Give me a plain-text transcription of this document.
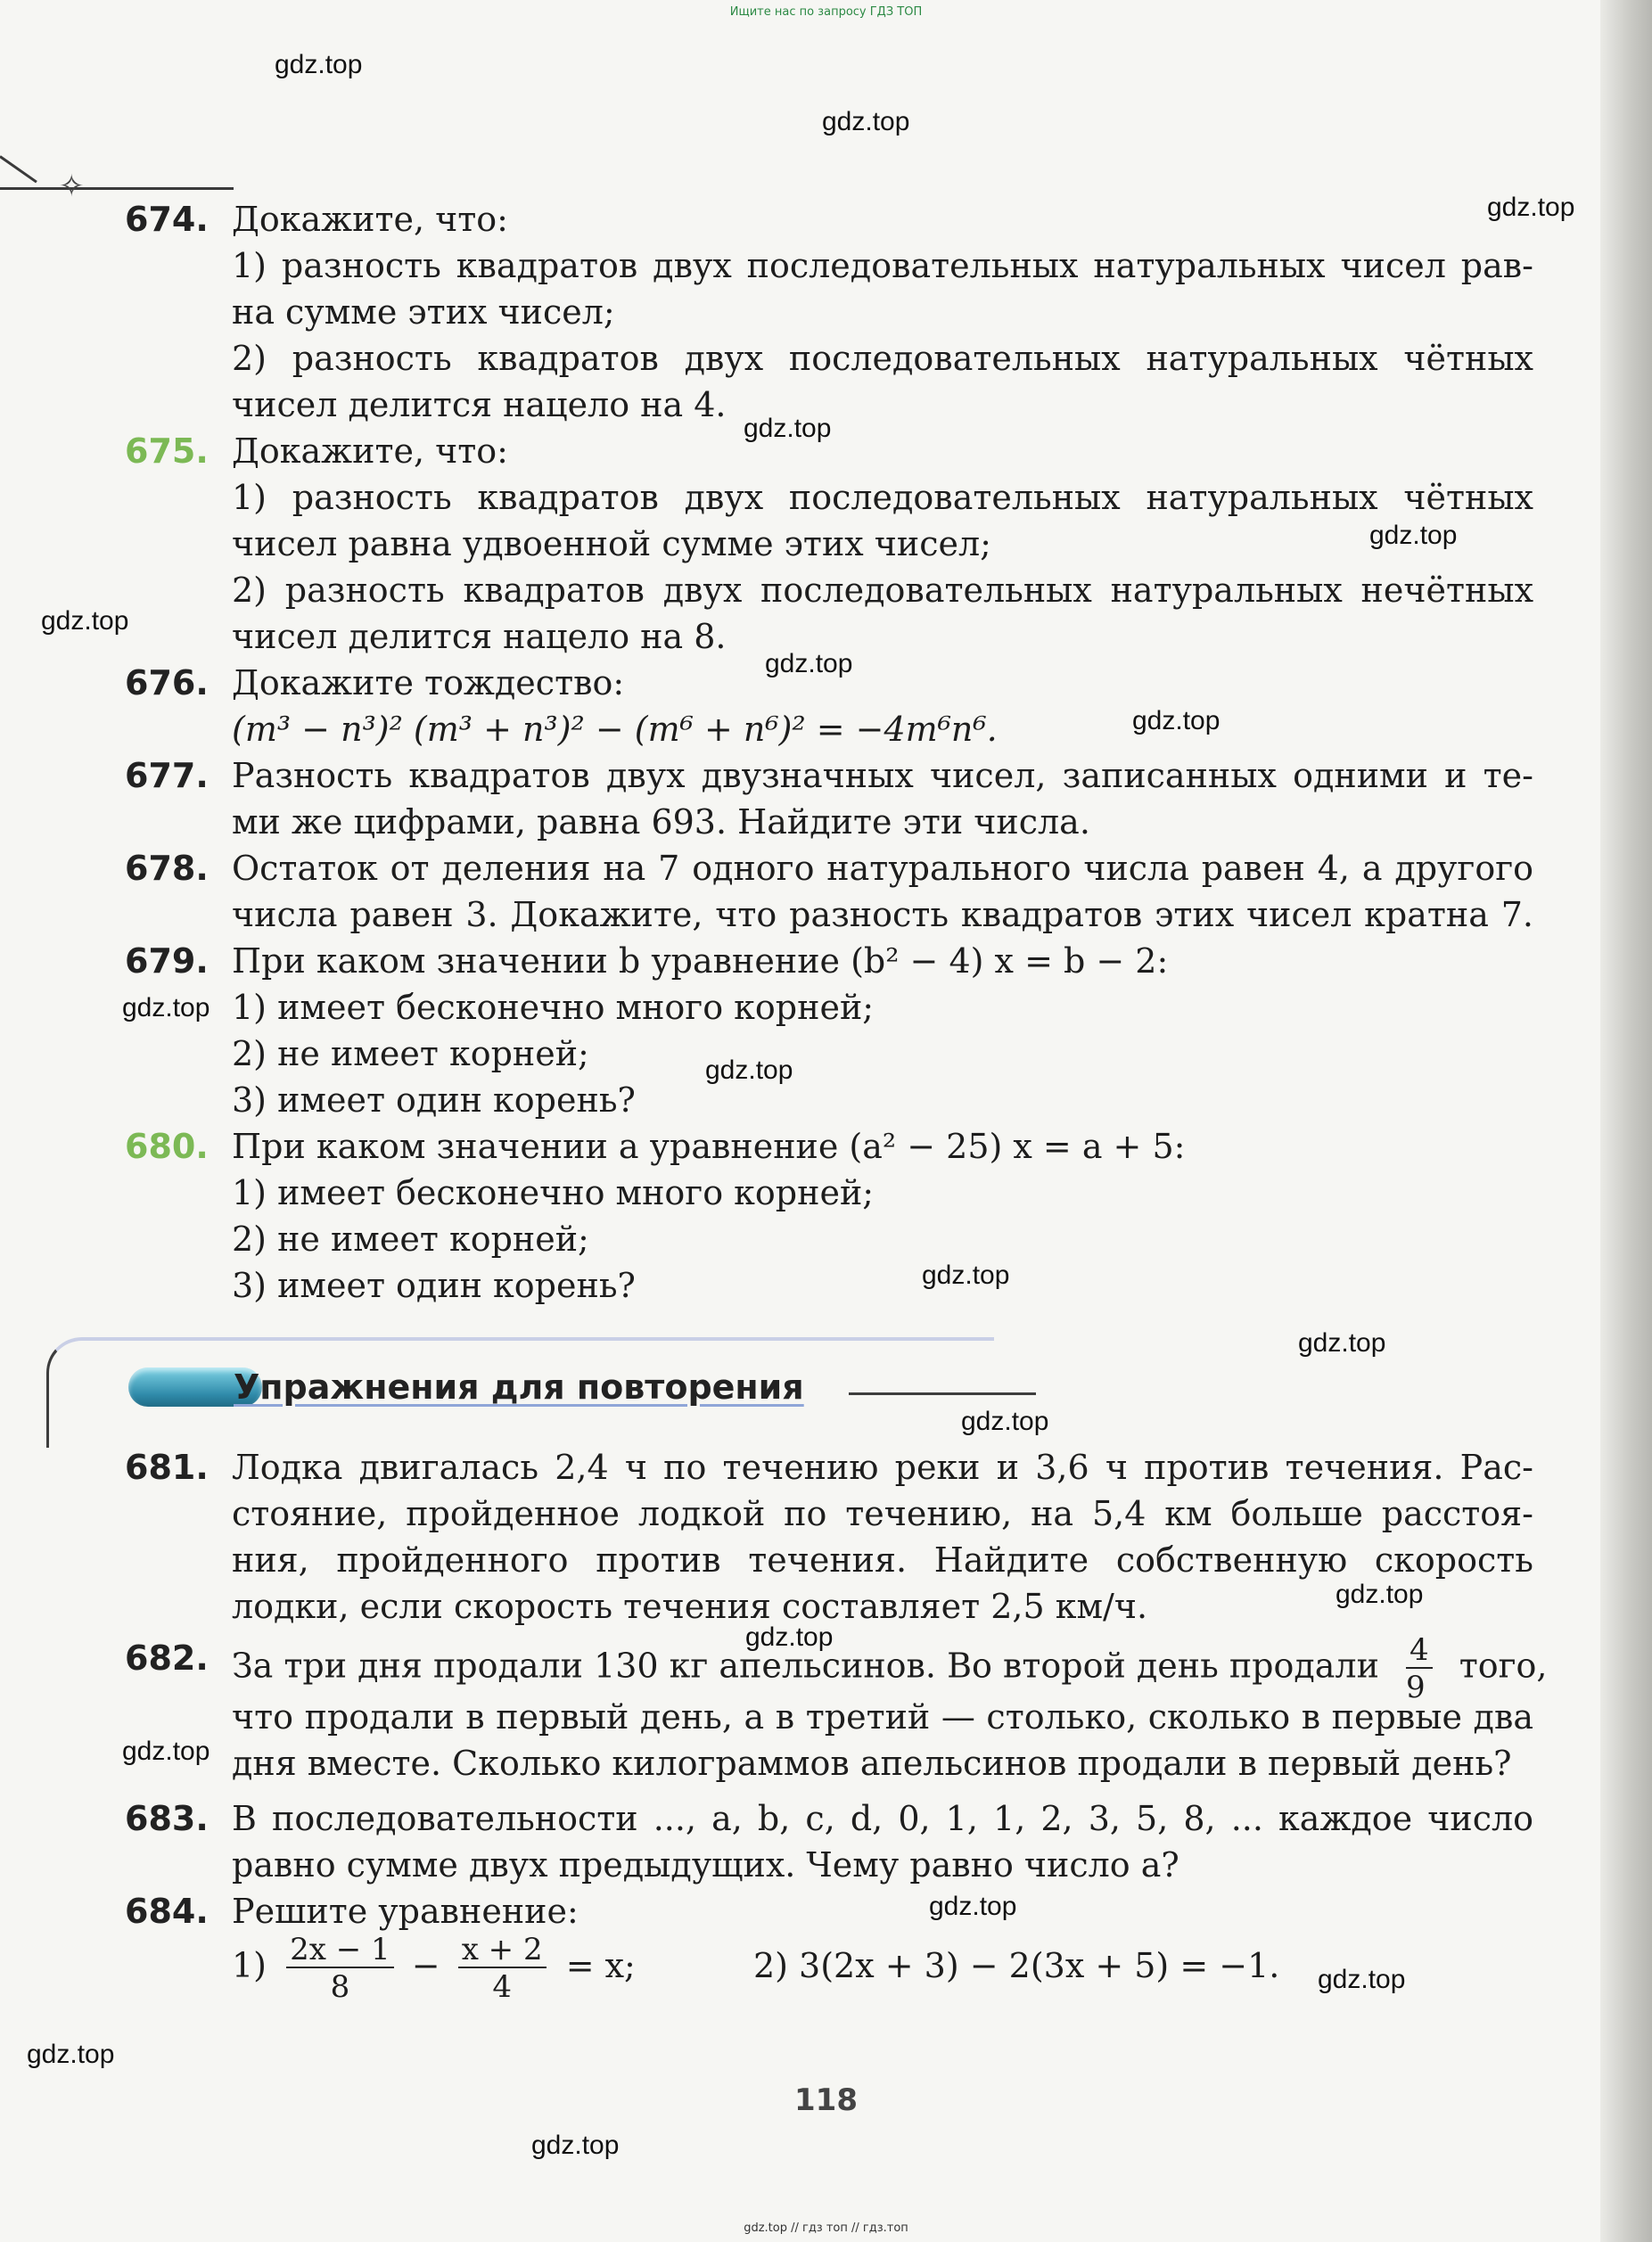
Ищите нас по запросу ГДЗ ТОП
gdz.top
gdz.top
gdz.top
gdz.top
gdz.top
gdz.top
gdz.top
gdz.top
gdz.top
gdz.top
gdz.top
gdz.top
gdz.top
gdz.top
gdz.top
gdz.top
gdz.top
gdz.top
gdz.top
gdz.top
✧
674. Докажите, что:
1) разность квадратов двух последовательных натуральных чисел рав-
на сумме этих чисел;
2) разность квадратов двух последовательных натуральных чётных
чисел делится нацело на 4.
675. Докажите, что:
1) разность квадратов двух последовательных натуральных чётных
чисел равна удвоенной сумме этих чисел;
2) разность квадратов двух последовательных натуральных нечётных
чисел делится нацело на 8.
676. Докажите тождество:
(m³ − n³)² (m³ + n³)² − (m⁶ + n⁶)² = −4m⁶n⁶.
677. Разность квадратов двух двузначных чисел, записанных одними и те-
ми же цифрами, равна 693. Найдите эти числа.
678. Остаток от деления на 7 одного натурального числа равен 4, а другого
числа равен 3. Докажите, что разность квадратов этих чисел кратна 7.
679. При каком значении b уравнение (b² − 4) x = b − 2:
1) имеет бесконечно много корней;
2) не имеет корней;
3) имеет один корень?
680. При каком значении a уравнение (a² − 25) x = a + 5:
1) имеет бесконечно много корней;
2) не имеет корней;
3) имеет один корень?
Упражнения для повторения
681. Лодка двигалась 2,4 ч по течению реки и 3,6 ч против течения. Рас-
стояние, пройденное лодкой по течению, на 5,4 км больше расстоя-
ния, пройденного против течения. Найдите собственную скорость
лодки, если скорость течения составляет 2,5 км/ч.
682. За три дня продали 130 кг апельсинов. Во второй день продали $\frac{4}{9}$ того,
что продали в первый день, а в третий — столько, сколько в первые два
дня вместе. Сколько килограммов апельсинов продали в первый день?
683. В последовательности ..., a, b, c, d, 0, 1, 1, 2, 3, 5, 8, ... каждое число
равно сумме двух предыдущих. Чему равно число a?
684. Решите уравнение:
$1) \frac{2x - 1}{8} - \frac{x + 2}{4} = x$;	2) 3(2x + 3) − 2(3x + 5) = −1.
118
gdz.top // гдз топ // гдз.топ
